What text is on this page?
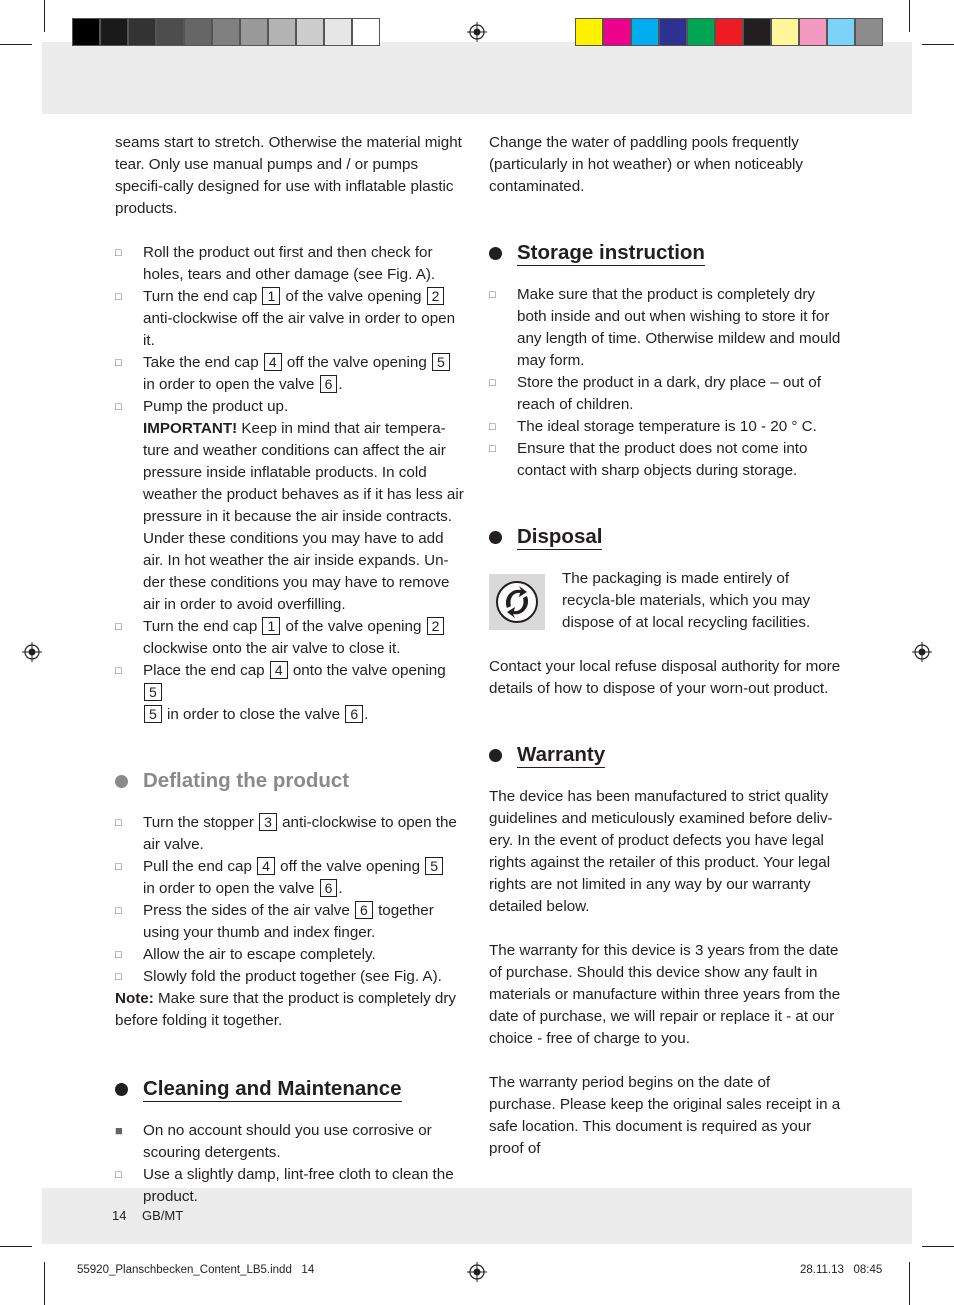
seams start to stretch. Otherwise the material might tear. Only use manual pumps and / or pumps specifi-cally designed for use with inflatable plastic products.

□	Roll the product out first and then check for holes, tears and other damage (see Fig. A).
□	Turn the end cap 1 of the valve opening 2
anti-clockwise off the air valve in order to open it.
□	Take the end cap 4 off the valve opening 5
in order to open the valve 6 .
□	Pump the product up.
IMPORTANT! Keep in mind that air tempera-ture and weather conditions can affect the air pressure inside inflatable products. In cold weather the product behaves as if it has less air pressure in it because the air inside contracts. Under these conditions you may have to add air. In hot weather the air inside expands. Un-der these conditions you may have to remove air in order to avoid overfilling.
□	Turn the end cap 1 of the valve opening 2
clockwise onto the air valve to close it.
□	Place the end cap 4 onto the valve opening 5
5 in order to close the valve 6 .
Deflating the product
□	Turn the stopper 3 anti-clockwise to open the air valve.
□	Pull the end cap 4 off the valve opening 5
in order to open the valve 6 .
□	Press the sides of the air valve 6 together using your thumb and index finger.
□	Allow the air to escape completely.
□	Slowly fold the product together (see Fig. A).

Note: Make sure that the product is completely dry before folding it together.

Cleaning and Maintenance
■ On no account should you use corrosive or scouring detergents.
□	Use a slightly damp, lint-free cloth to clean the product.

Change the water of paddling pools frequently (particularly in hot weather) or when noticeably contaminated.

Storage instruction
□	Make sure that the product is completely dry both inside and out when wishing to store it for any length of time. Otherwise mildew and mould may form.
□	Store the product in a dark, dry place – out of reach of children.
□	The ideal storage temperature is 10 - 20 ° C.
□	Ensure that the product does not come into contact with sharp objects during storage.
Disposal

The packaging is made entirely of recycla-ble materials, which you may dispose of at local recycling facilities.

Contact your local refuse disposal authority for more details of how to dispose of your worn-out product.

Warranty

The device has been manufactured to strict quality guidelines and meticulously examined before deliv-ery. In the event of product defects you have legal rights against the retailer of this product. Your legal rights are not limited in any way by our warranty detailed below.

The warranty for this device is 3 years from the date of purchase. Should this device show any fault in materials or manufacture within three years from the date of purchase, we will repair or replace it - at our choice - free of charge to you.

The warranty period begins on the date of purchase. Please keep the original sales receipt in a safe location. This document is required as your proof of

14 GB/MT
55920_Planschbecken_Content_LB5.indd   14	28.11.13   08:45
